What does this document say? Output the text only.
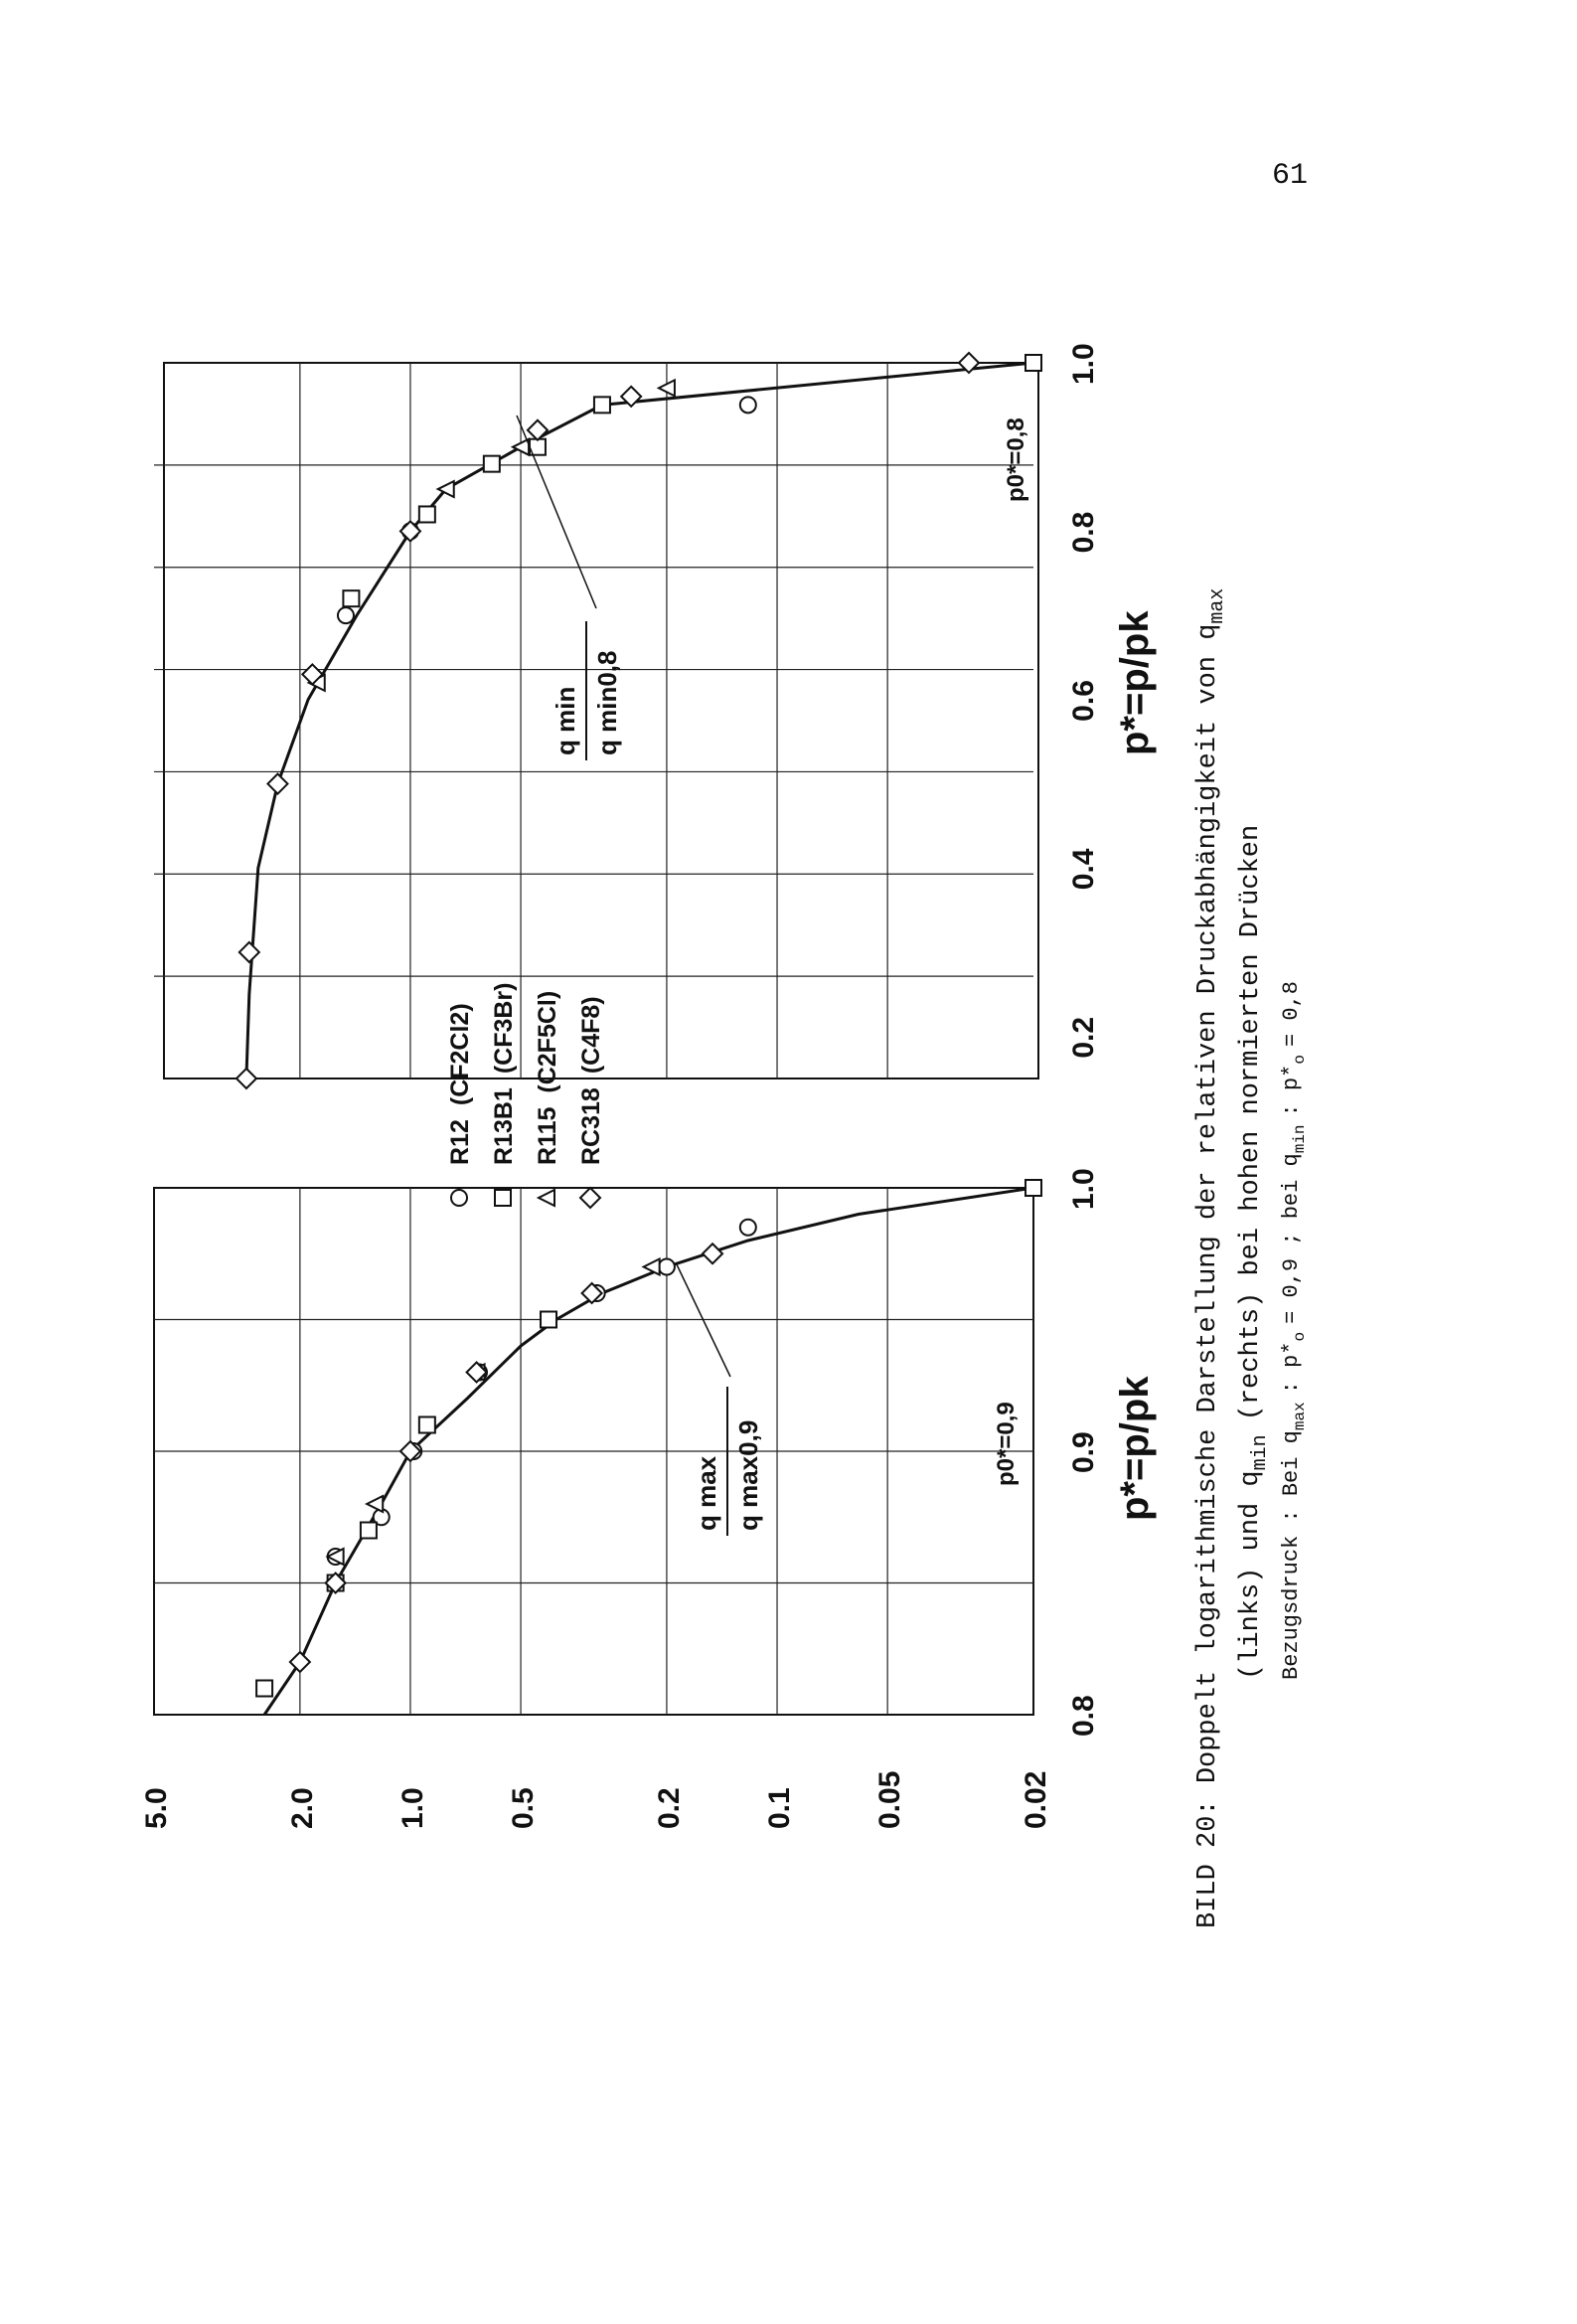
61
0.8
0.9
1.0
0.2
0.4
0.6
0.8
1.0
5.0	2.0	1.0	0.5	0.2	0.1	0.05	0.02
p*=p/pk
p*=p/pk
q max q max0,9
q min q min0,8
p0*=0,9
p0*=0,8
R12(CF2Cl2)
R13B1(CF3Br)
R115(C2F5Cl)
RC318(C4F8)	BILD 20: Doppelt logarithmische Darstellung der relativen Druckabhängigkeit von $q_{max}$
(links) und $q_{min}(rechts)$ bei hohen normierten Drücken
Bezugsdruck : Bei $q_{max}$: $p*_o= 0,9$ ; bei $q_{min}$: $p*_o= 0,8$
